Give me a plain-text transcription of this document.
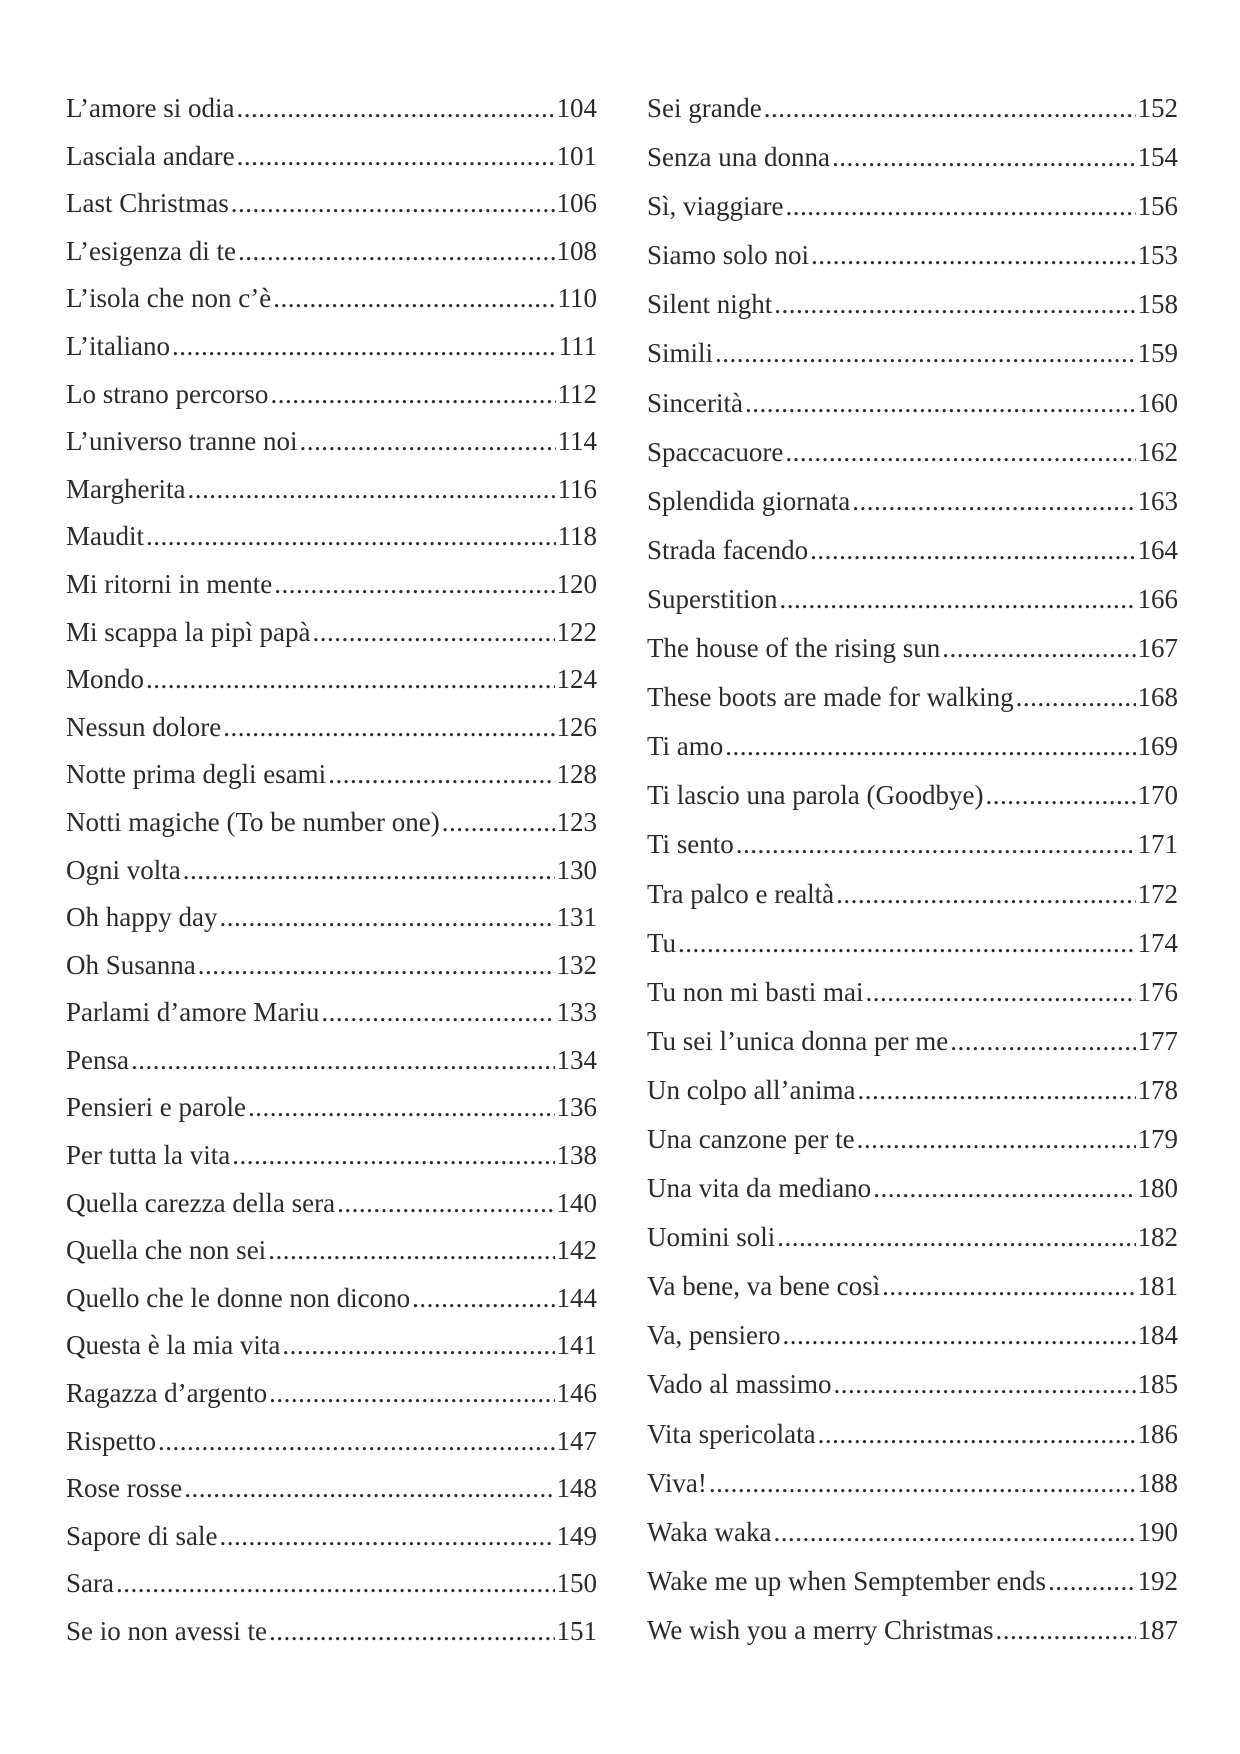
L’amore si odia .....	104
Lasciala andare .....	101
Last Christmas .....	106
L’esigenza di te .....	108
L’isola che non c’è .....	110
L’italiano .....	111
Lo strano percorso .....	112
L’universo tranne noi .....	114
Margherita .....	116
Maudit .....	118
Mi ritorni in mente .....	120
Mi scappa la pipì papà .....	122
Mondo .....	124
Nessun dolore .....	126
Notte prima degli esami .....	128
Notti magiche (To be number one) .....	123
Ogni volta .....	130
Oh happy day .....	131
Oh Susanna .....	132
Parlami d’amore Mariu .....	133
Pensa .....	134
Pensieri e parole .....	136
Per tutta la vita .....	138
Quella carezza della sera .....	140
Quella che non sei .....	142
Quello che le donne non dicono .....	144
Questa è la mia vita .....	141
Ragazza d’argento .....	146
Rispetto .....	147
Rose rosse .....	148
Sapore di sale .....	149
Sara .....	150
Se io non avessi te .....	151
Sei grande .....	152
Senza una donna .....	154
Sì, viaggiare .....	156
Siamo solo noi .....	153
Silent night .....	158
Simili .....	159
Sincerità .....	160
Spaccacuore .....	162
Splendida giornata .....	163
Strada facendo .....	164
Superstition .....	166
The house of the rising sun .....	167
These boots are made for walking .....	168
Ti amo .....	169
Ti lascio una parola (Goodbye) .....	170
Ti sento .....	171
Tra palco e realtà .....	172
Tu .....	174
Tu non mi basti mai .....	176
Tu sei l’unica donna per me .....	177
Un colpo all’anima .....	178
Una canzone per te .....	179
Una vita da mediano .....	180
Uomini soli .....	182
Va bene, va bene così .....	181
Va, pensiero .....	184
Vado al massimo .....	185
Vita spericolata .....	186
Viva! .....	188
Waka waka .....	190
Wake me up when Semptember ends .....	192
We wish you a merry Christmas .....	187
